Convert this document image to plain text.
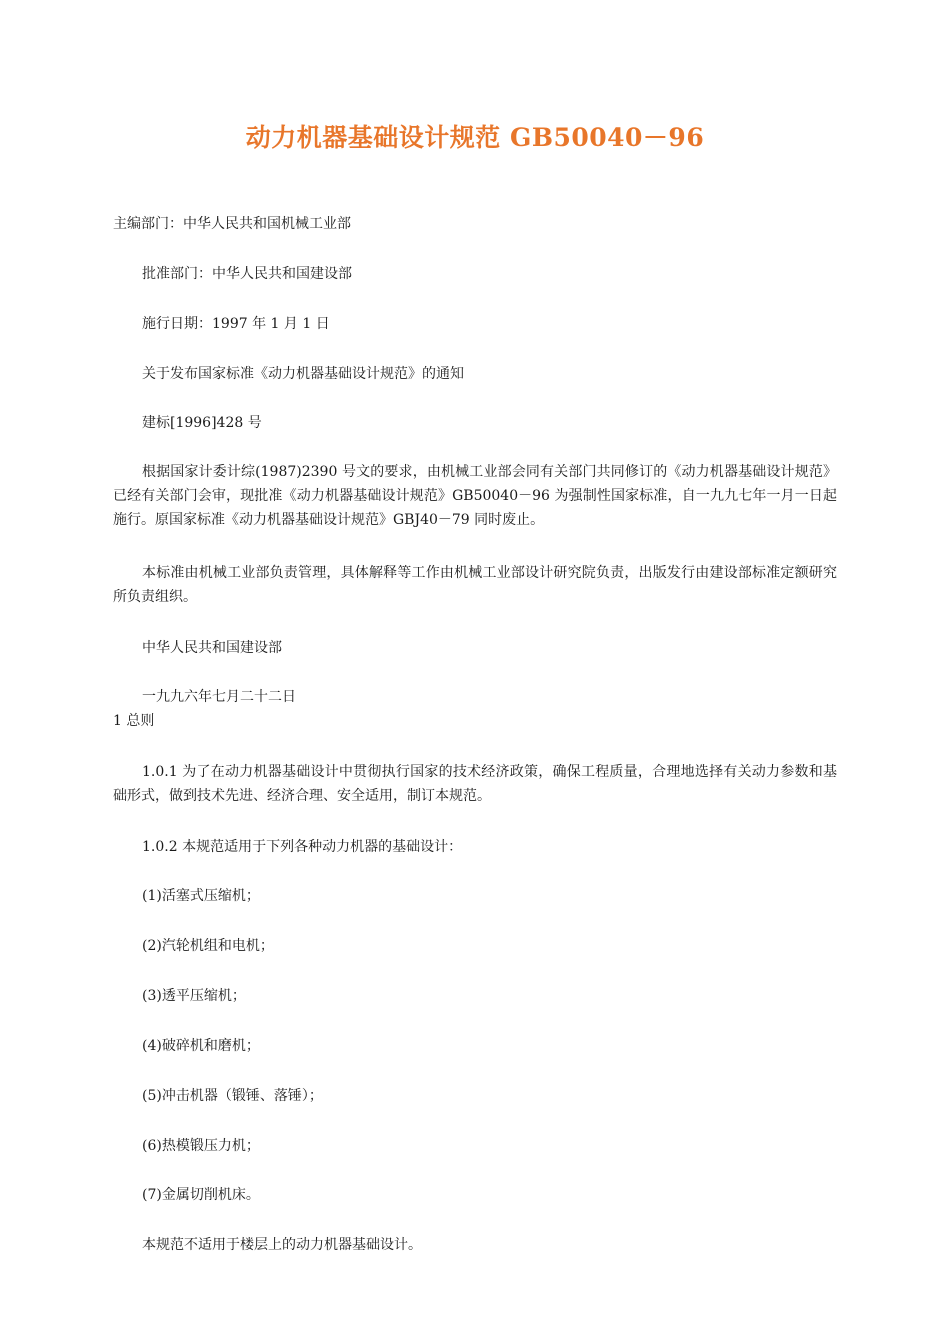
动力机器基础设计规范 GB50040－96
主编部门：中华人民共和国机械工业部
批准部门：中华人民共和国建设部
施行日期：1997 年 1 月 1 日
关于发布国家标准《动力机器基础设计规范》的通知
建标[1996]428 号
根据国家计委计综(1987)2390 号文的要求，由机械工业部会同有关部门共同修订的《动力机器基础设计规范》已经有关部门会审，现批准《动力机器基础设计规范》GB50040－96 为强制性国家标准，自一九九七年一月一日起施行。原国家标准《动力机器基础设计规范》GBJ40－79 同时废止。
本标准由机械工业部负责管理，具体解释等工作由机械工业部设计研究院负责，出版发行由建设部标准定额研究所负责组织。
中华人民共和国建设部
一九九六年七月二十二日
1 总则
1.0.1 为了在动力机器基础设计中贯彻执行国家的技术经济政策，确保工程质量，合理地选择有关动力参数和基础形式，做到技术先进、经济合理、安全适用，制订本规范。
1.0.2 本规范适用于下列各种动力机器的基础设计：
(1)活塞式压缩机；
(2)汽轮机组和电机；
(3)透平压缩机；
(4)破碎机和磨机；
(5)冲击机器（锻锤、落锤）；
(6)热模锻压力机；
(7)金属切削机床。
本规范不适用于楼层上的动力机器基础设计。
